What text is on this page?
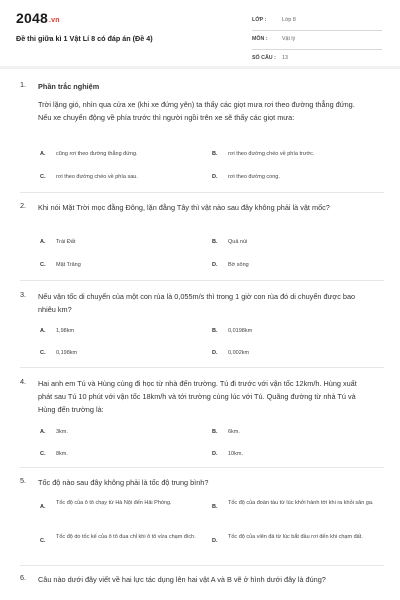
2048.vn
Đề thi giữa kì 1 Vật Lí 8 có đáp án (Đề 4)
LỚP :	Lớp 8
MÔN :	Vật lý
SỐ CÂU : 13
1. Phần trắc nghiệm
Trời lặng gió, nhìn qua cửa xe (khi xe đứng yên) ta thấy các giọt mưa rơi theo đường thẳng đứng. Nếu xe chuyển động về phía trước thì người ngồi trên xe sẽ thấy các giọt mưa:
A. cũng rơi theo đường thẳng đứng.	B. rơi theo đường chéo về phía trước.
C. rơi theo đường chéo về phía sau.	D. rơi theo đường cong.
2. Khi nói Mặt Trời mọc đằng Đông, lặn đằng Tây thì vật nào sau đây không phải là vật mốc?
A. Trái Đất	B. Quả núi
C. Mặt Trăng	D. Bờ sông
3. Nếu vận tốc di chuyển của một con rùa là 0,055m/s thì trong 1 giờ con rùa đó di chuyển được bao nhiêu km?
A. 1,98km	B. 0,0198km
C. 0,198km	D. 0,002km
4. Hai anh em Tú và Hùng cùng đi học từ nhà đến trường. Tú đi trước với vận tốc 12km/h. Hùng xuất phát sau Tú 10 phút với vận tốc 18km/h và tới trường cùng lúc với Tú. Quãng đường từ nhà Tú và Hùng đến trường là:
A. 3km.	B. 6km.
C. 8km.	D. 10km.
5. Tốc độ nào sau đây không phải là tốc độ trung bình?
A.
Tốc độ của ô tô chạy từ Hà Nội đến Hải Phòng.
B.
Tốc độ của đoàn tàu từ lúc khởi hành tới khi ra khỏi sân ga.
C.
Tốc độ do tốc kế của ô tô đua chỉ khi ô tô vừa chạm đích.
D.
Tốc độ của viên đá từ lúc bắt đầu rơi đến khi chạm đất.
6. Câu nào dưới đây viết về hai lực tác dụng lên hai vật A và B vẽ ở hình dưới đây là đúng?
